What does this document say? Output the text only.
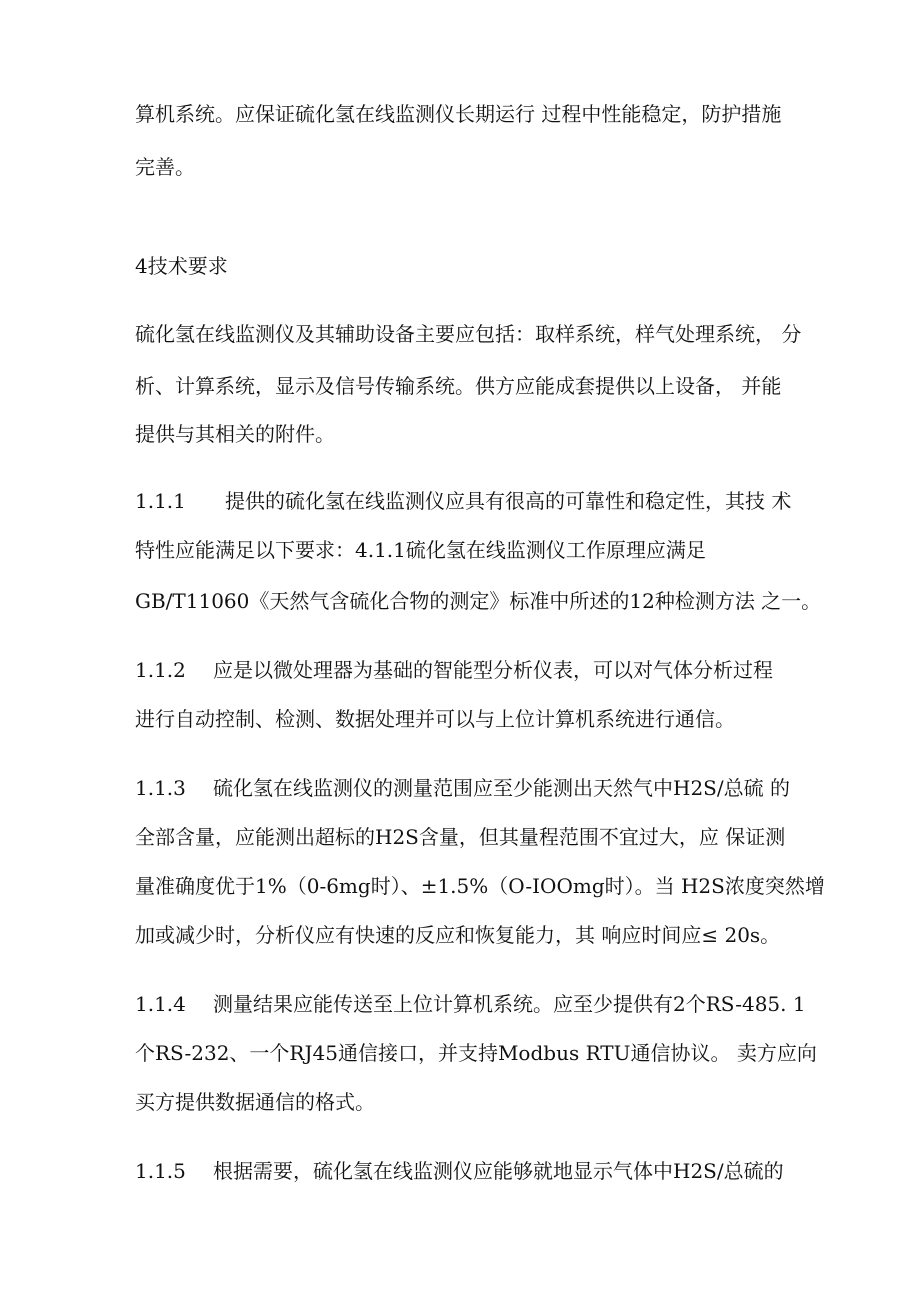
算机系统。应保证硫化氢在线监测仪长期运行 过程中性能稳定，防护措施
完善。
4技术要求
硫化氢在线监测仪及其辅助设备主要应包括：取样系统，样气处理系统， 分
析、计算系统，显示及信号传输系统。供方应能成套提供以上设备， 并能
提供与其相关的附件。
1.1.1 提供的硫化氢在线监测仪应具有很高的可靠性和稳定性，其技 术
特性应能满足以下要求：4.1.1硫化氢在线监测仪工作原理应满足
GB/T11060《天然气含硫化合物的测定》标准中所述的12种检测方法 之一。
1.1.2 应是以微处理器为基础的智能型分析仪表，可以对气体分析过程
进行自动控制、检测、数据处理并可以与上位计算机系统进行通信。
1.1.3 硫化氢在线监测仪的测量范围应至少能测出天然气中H2S/总硫 的
全部含量，应能测出超标的H2S含量，但其量程范围不宜过大，应 保证测
量准确度优于1%（0-6mg时）、±1.5%（O-IOOmg时）。当 H2S浓度突然增
加或减少时，分析仪应有快速的反应和恢复能力，其 响应时间应≤ 20s。
1.1.4 测量结果应能传送至上位计算机系统。应至少提供有2个RS-485. 1
个RS-232、一个RJ45通信接口，并支持Modbus RTU通信协议。 卖方应向
买方提供数据通信的格式。
1.1.5 根据需要，硫化氢在线监测仪应能够就地显示气体中H2S/总硫的
